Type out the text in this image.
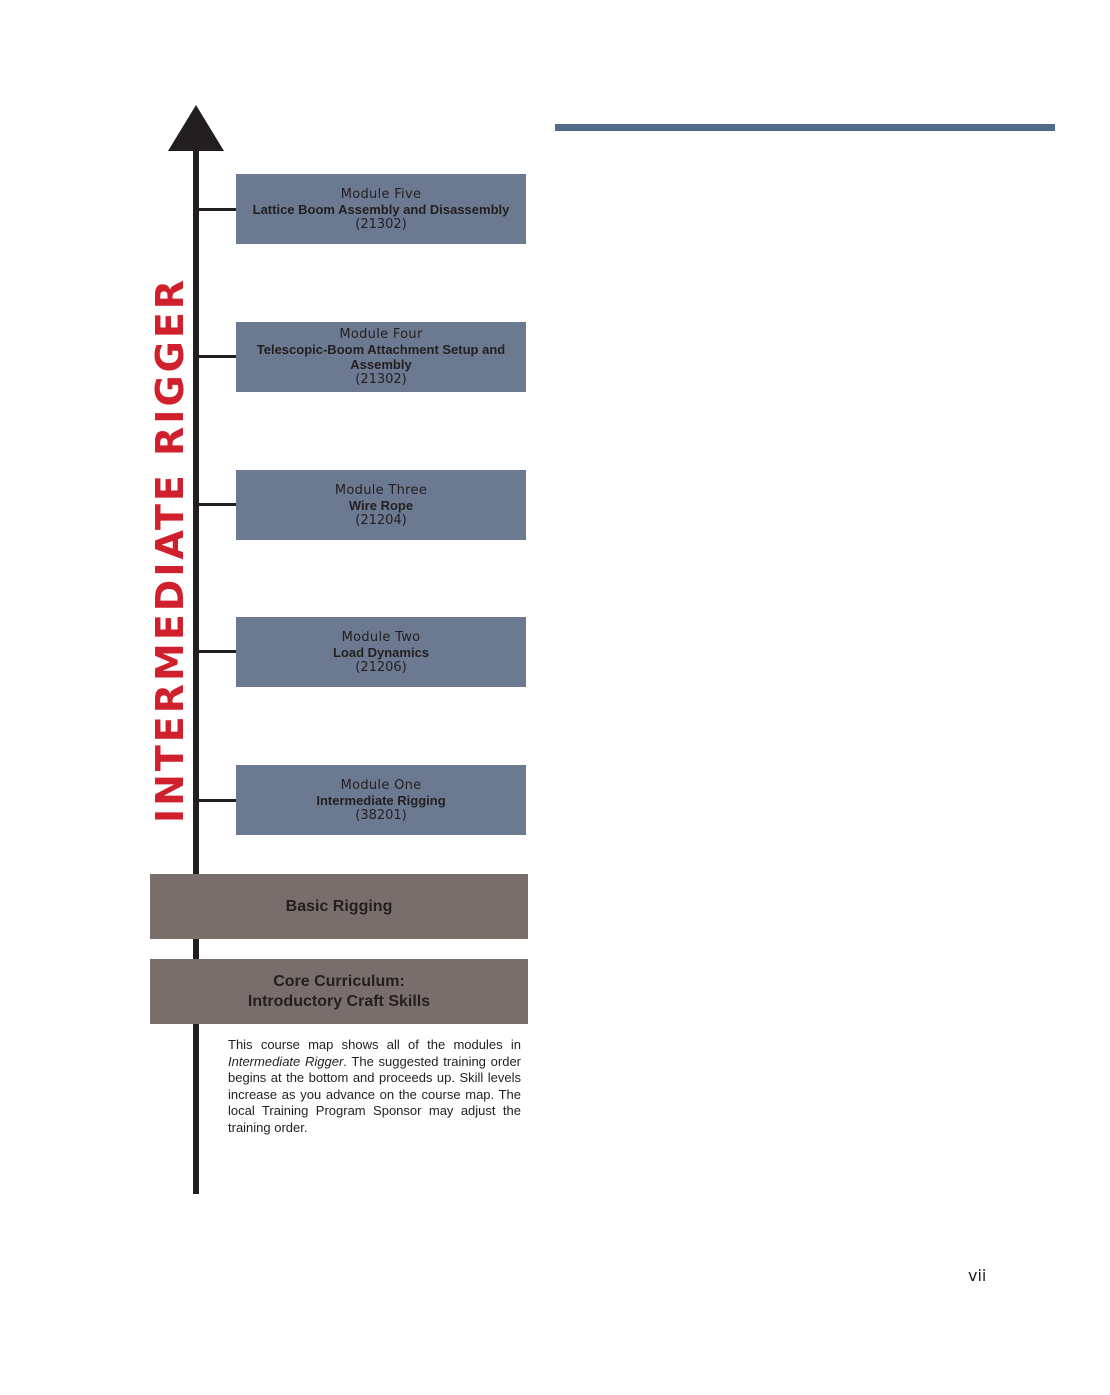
INTERMEDIATE RIGGER
Module Five
Lattice Boom Assembly and Disassembly
(21302)
Module Four
Telescopic-Boom Attachment Setup and Assembly
(21302)
Module Three
Wire Rope
(21204)
Module Two
Load Dynamics
(21206)
Module One
Intermediate Rigging
(38201)
Basic Rigging
Core Curriculum:
Introductory Craft Skills
This course map shows all of the modules in Intermediate Rigger. The suggested training order begins at the bottom and proceeds up. Skill levels increase as you advance on the course map. The local Training Program Sponsor may adjust the training order.
vii
